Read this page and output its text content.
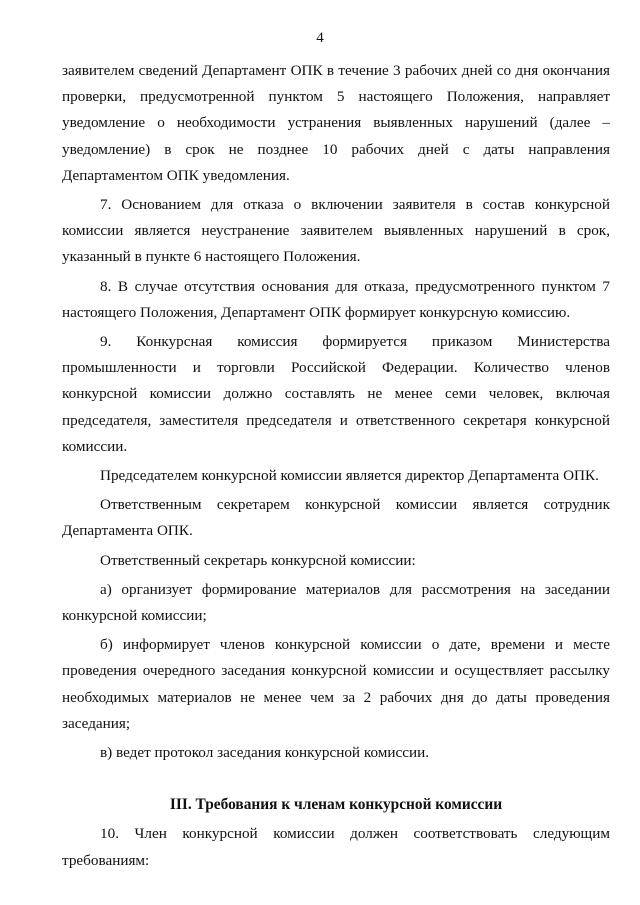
4

заявителем сведений Департамент ОПК в течение 3 рабочих дней со дня окончания проверки, предусмотренной пунктом 5 настоящего Положения, направляет уведомление о необходимости устранения выявленных нарушений (далее – уведомление) в срок не позднее 10 рабочих дней с даты направления Департаментом ОПК уведомления.

7. Основанием для отказа о включении заявителя в состав конкурсной комиссии является неустранение заявителем выявленных нарушений в срок, указанный в пункте 6 настоящего Положения.

8. В случае отсутствия основания для отказа, предусмотренного пунктом 7 настоящего Положения, Департамент ОПК формирует конкурсную комиссию.

9. Конкурсная комиссия формируется приказом Министерства промышленности и торговли Российской Федерации. Количество членов конкурсной комиссии должно составлять не менее семи человек, включая председателя, заместителя председателя и ответственного секретаря конкурсной комиссии.

Председателем конкурсной комиссии является директор Департамента ОПК.

Ответственным секретарем конкурсной комиссии является сотрудник Департамента ОПК.

Ответственный секретарь конкурсной комиссии:

а) организует формирование материалов для рассмотрения на заседании конкурсной комиссии;

б) информирует членов конкурсной комиссии о дате, времени и месте проведения очередного заседания конкурсной комиссии и осуществляет рассылку необходимых материалов не менее чем за 2 рабочих дня до даты проведения заседания;

в) ведет протокол заседания конкурсной комиссии.

III. Требования к членам конкурсной комиссии

10. Член конкурсной комиссии должен соответствовать следующим требованиям:
